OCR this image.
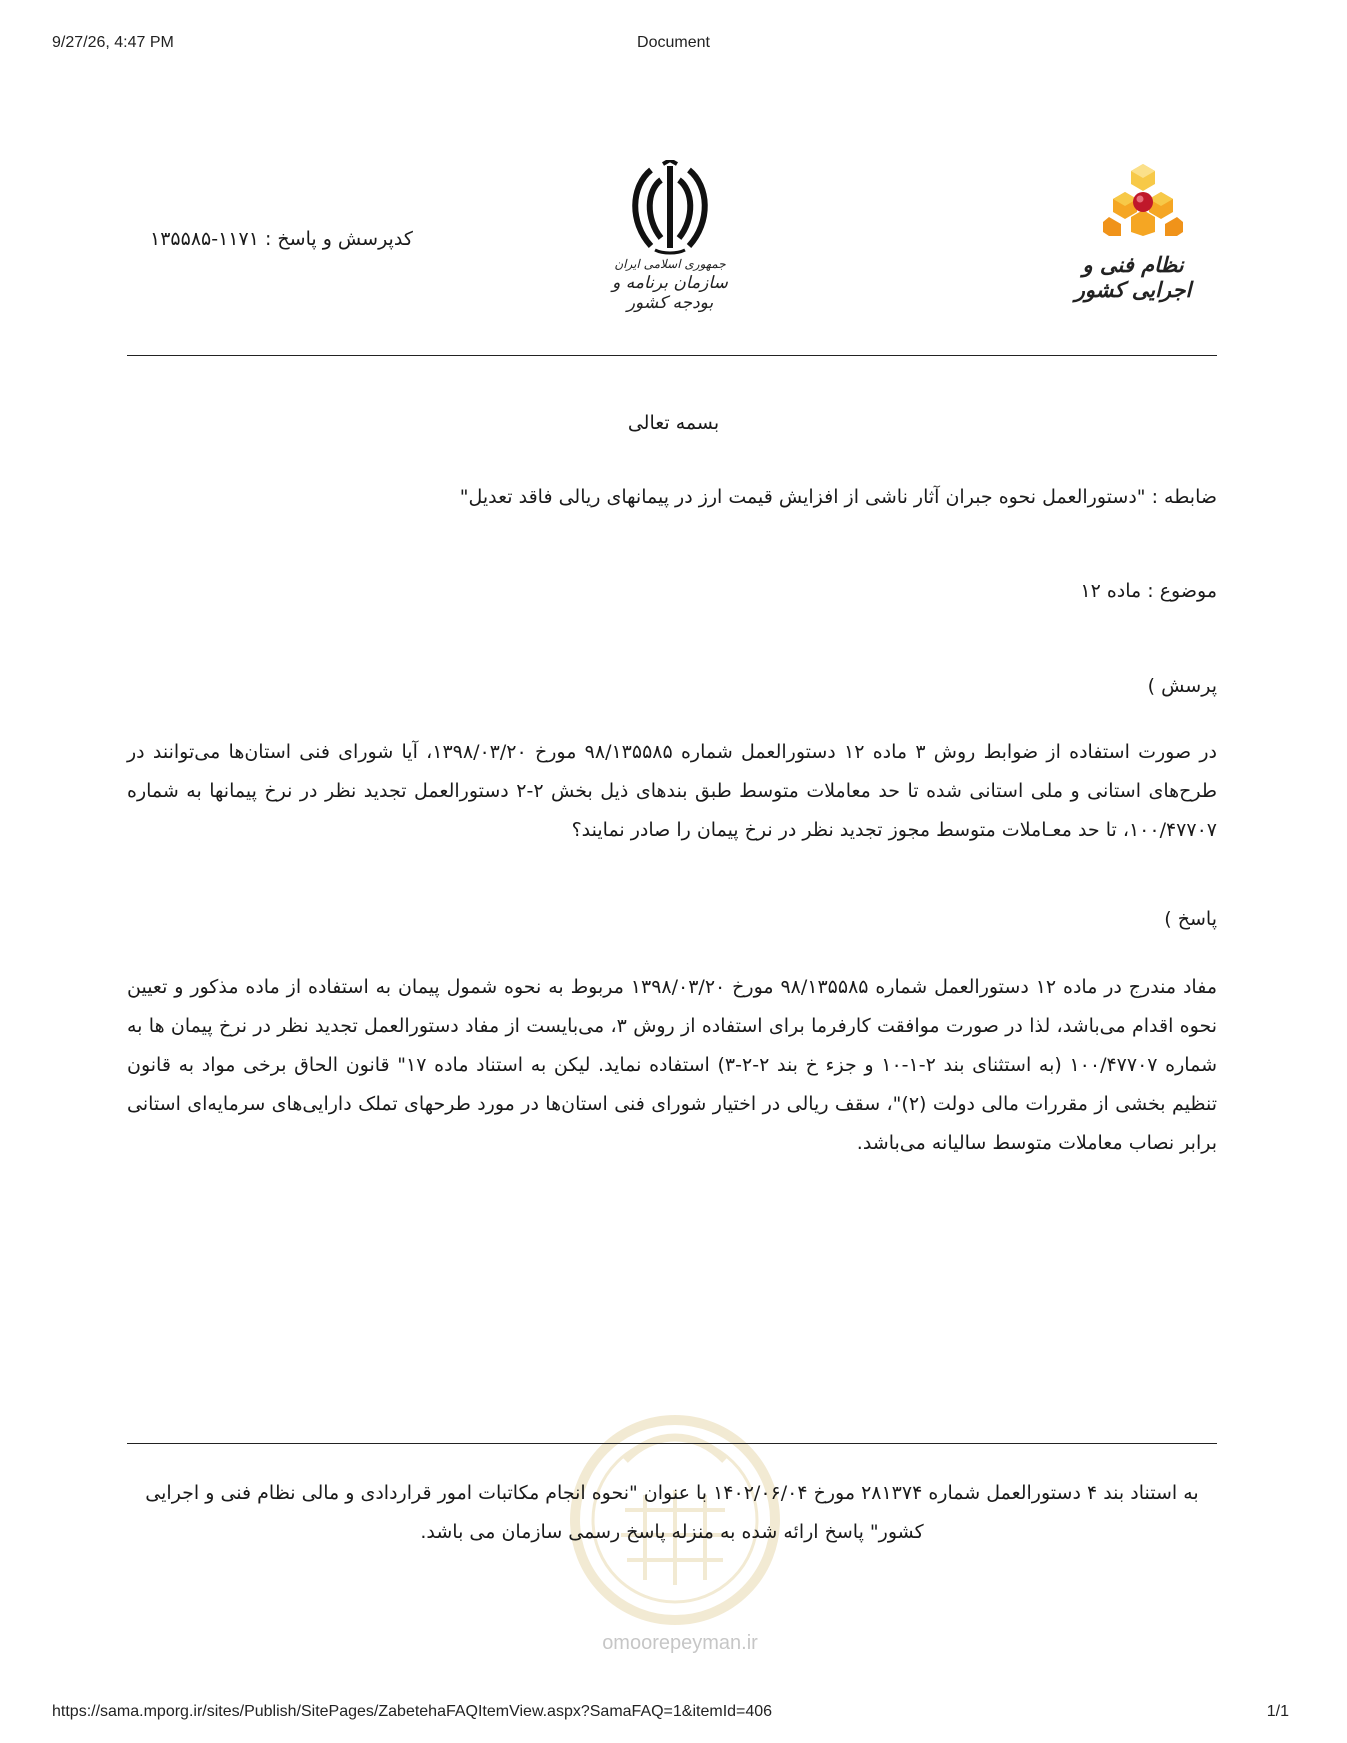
9/27/26, 4:47 PM	Document
نظام فنی و اجرایی کشور
جمهوری اسلامی ایران
سازمان برنامه و بودجه کشور
کدپرسش و پاسخ : ۱۱۷۱-۱۳۵۵۸۵
بسمه تعالی
ضابطه : "دستورالعمل نحوه جبران آثار ناشی از افزایش قیمت ارز در پیمانهای ریالی فاقد تعدیل"
موضوع : ماده ۱۲
پرسش )
در صورت استفاده از ضوابط روش ۳ ماده ۱۲ دستورالعمل شماره ۹۸/۱۳۵۵۸۵ مورخ ۱۳۹۸/۰۳/۲۰، آیا شورای فنی استان‌ها می‌توانند در طرح‌های استانی و ملی استانی شده تا حد معاملات متوسط طبق بندهای ذیل بخش ۲-۲ دستورالعمل تجدید نظر در نرخ پیمانها به شماره ۱۰۰/۴۷۷۰۷، تا حد معـاملات متوسط مجوز تجدید نظر در نرخ پیمان را صادر نمایند؟
پاسخ )
مفاد مندرج در ماده ۱۲ دستورالعمل شماره ۹۸/۱۳۵۵۸۵ مورخ ۱۳۹۸/۰۳/۲۰ مربوط به نحوه شمول پیمان به استفاده از ماده مذکور و تعیین نحوه اقدام می‌باشد، لذا در صورت موافقت کارفرما برای استفاده از روش ۳، می‌بایست از مفاد دستورالعمل تجدید نظر در نرخ پیمان ها به شماره ۱۰۰/۴۷۷۰۷ (به استثنای بند ۲-۱-۱۰ و جزء خ بند ۲-۲-۳) استفاده نماید. لیکن به استناد ماده ۱۷" قانون الحاق برخی مواد به قانون تنظیم بخشی از مقررات مالی دولت (۲)"، سقف ریالی در اختیار شورای فنی استان‌ها در مورد طرحهای تملک دارایی‌های سرمایه‌ای استانی برابر نصاب معاملات متوسط سالیانه می‌باشد.
به استناد بند ۴ دستورالعمل شماره ۲۸۱۳۷۴ مورخ ۱۴۰۲/۰۶/۰۴ با عنوان "نحوه انجام مکاتبات امور قراردادی و مالی نظام فنی و اجرایی کشور" پاسخ ارائه شده به منزله پاسخ رسمی سازمان می باشد.
omoorepeyman.ir
https://sama.mporg.ir/sites/Publish/SitePages/ZabetehaFAQItemView.aspx?SamaFAQ=1&itemId=406	1/1
